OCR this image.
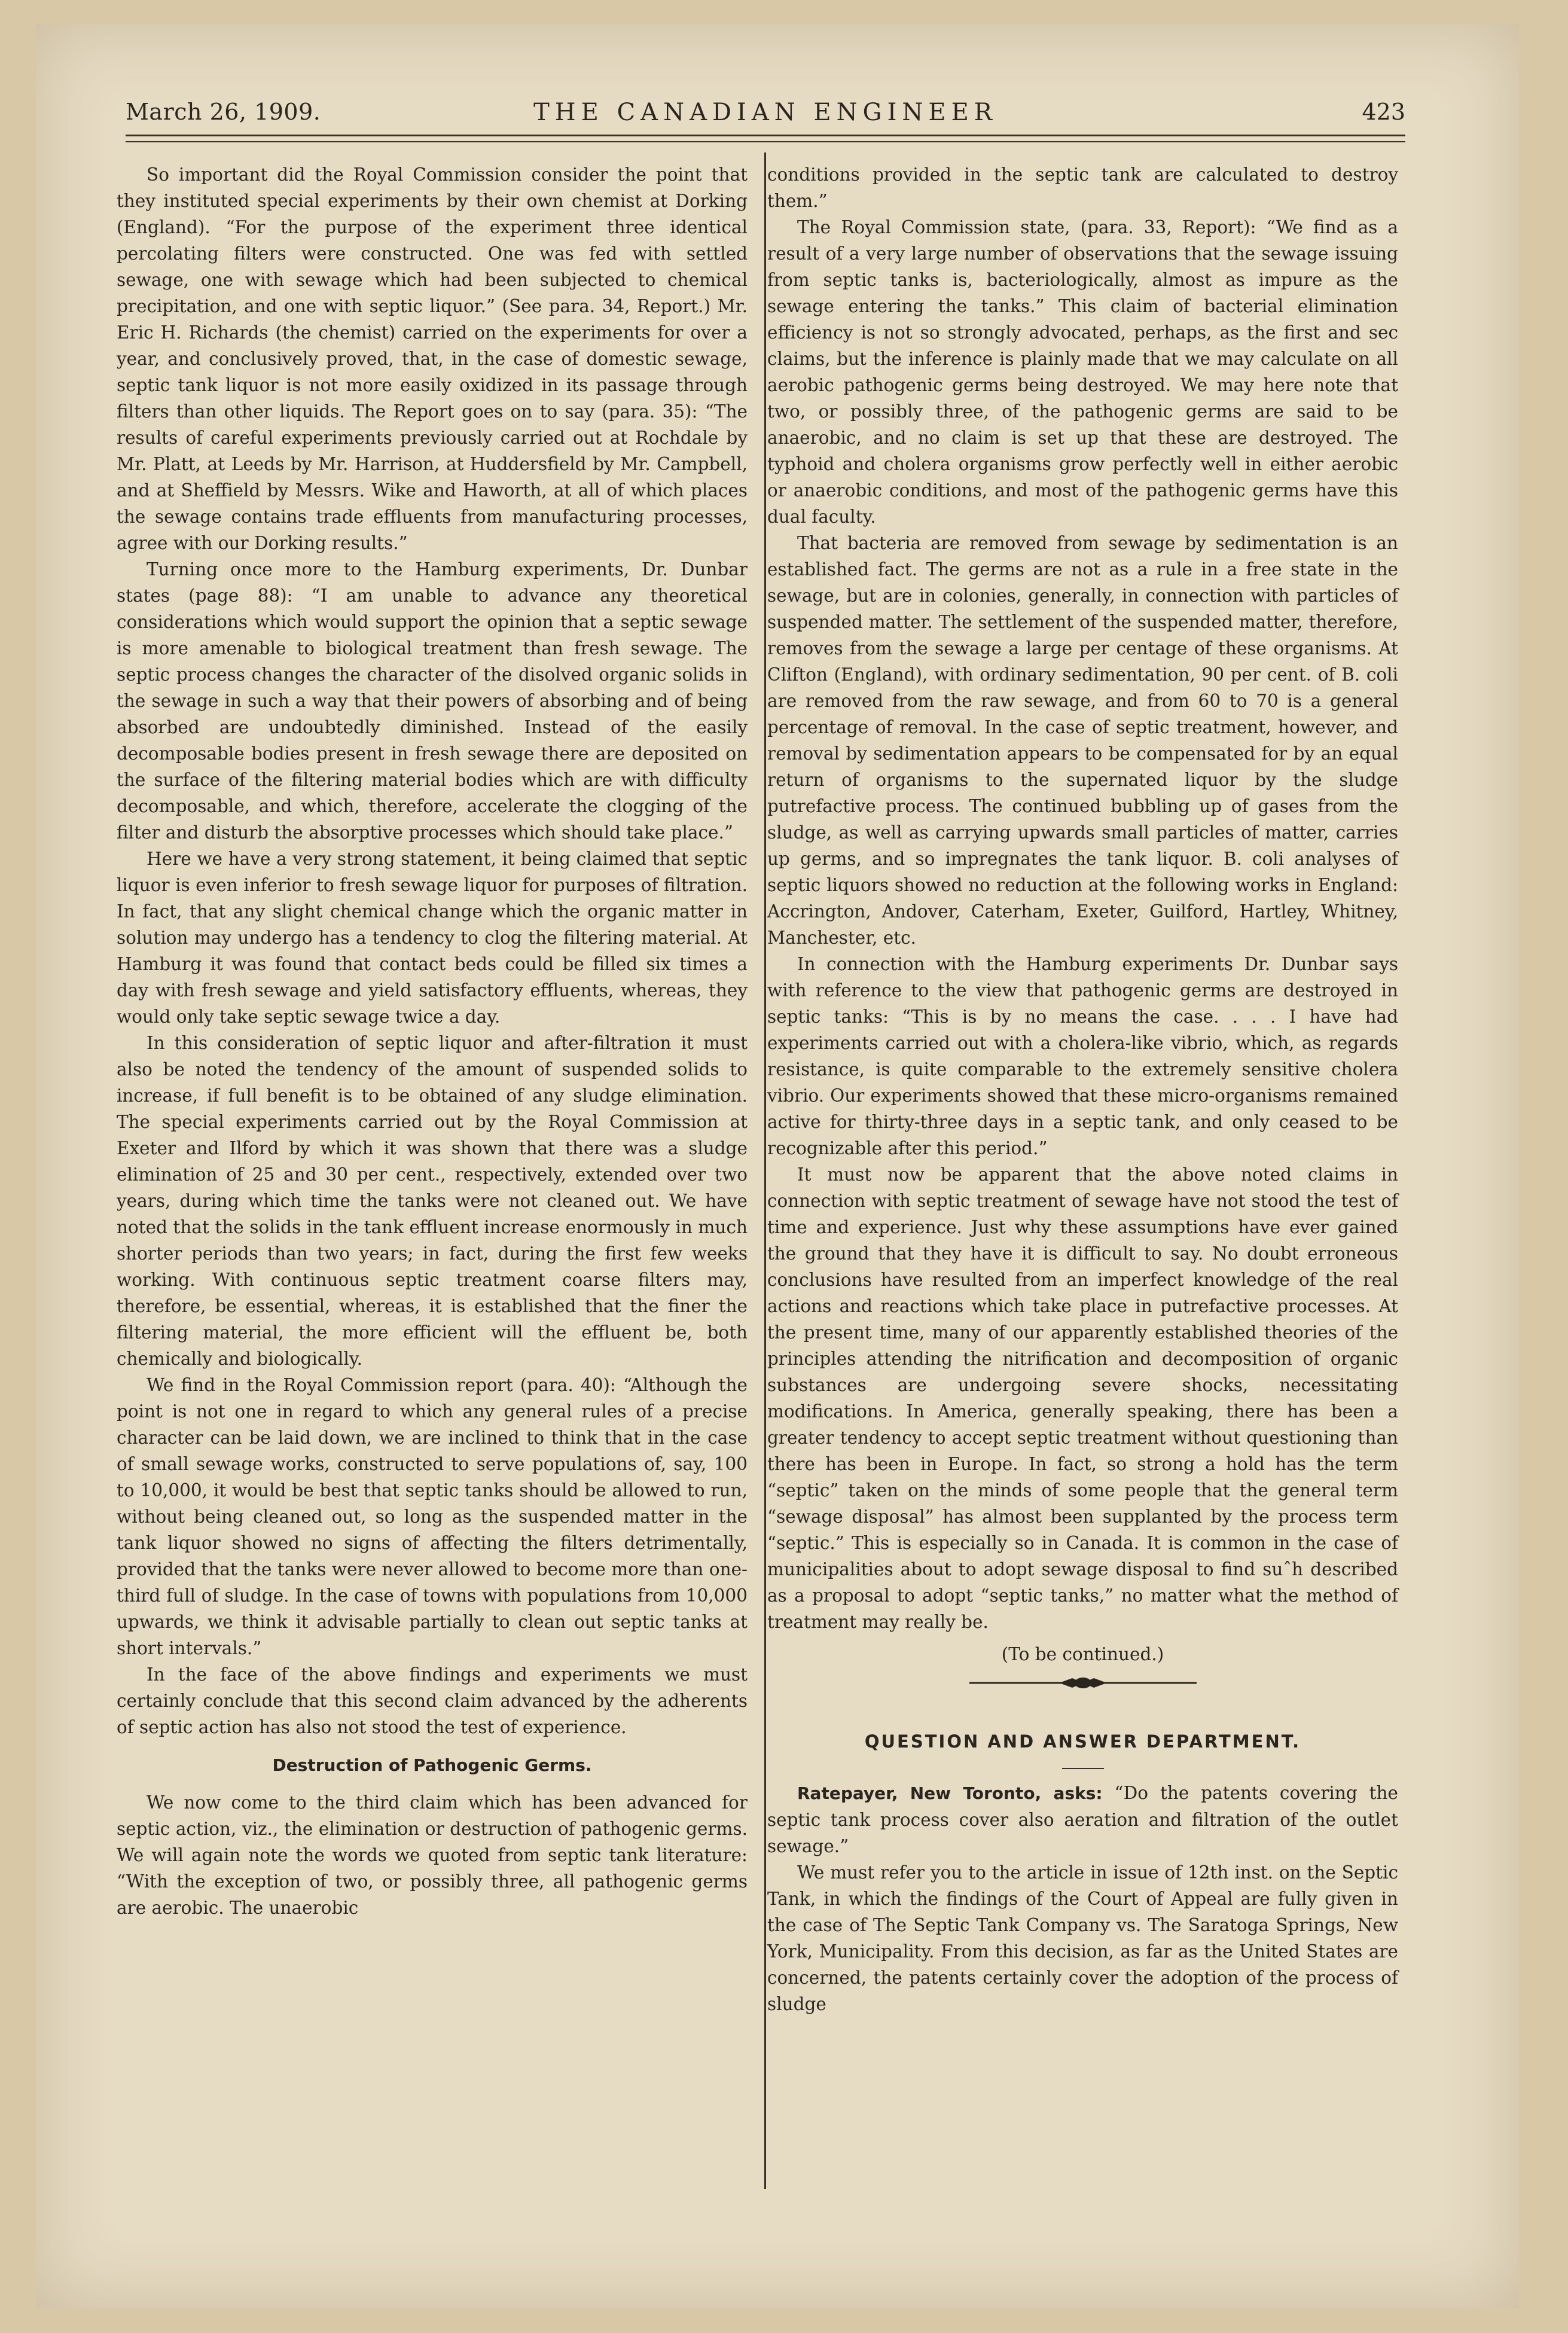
March 26, 1909.	THE CANADIAN ENGINEER	423

So important did the Royal Commission consider the point that they instituted special experiments by their own chemist at Dorking (England). “For the purpose of the experiment three identical percolating filters were constructed. One was fed with settled sewage, one with sewage which had been subjected to chemical precipitation, and one with septic liquor.” (See para. 34, Report.) Mr. Eric H. Richards (the chemist) carried on the experiments for over a year, and conclusively proved, that, in the case of domestic sewage, septic tank liquor is not more easily oxidized in its passage through filters than other liquids. The Report goes on to say (para. 35): “The results of careful experiments previously carried out at Rochdale by Mr. Platt, at Leeds by Mr. Harrison, at Huddersfield by Mr. Campbell, and at Sheffield by Messrs. Wike and Haworth, at all of which places the sewage contains trade effluents from manufacturing processes, agree with our Dorking results.”

Turning once more to the Hamburg experiments, Dr. Dunbar states (page 88): “I am unable to advance any theoretical considerations which would support the opinion that a septic sewage is more amenable to biological treatment than fresh sewage. The septic process changes the character of the disolved organic solids in the sewage in such a way that their powers of absorbing and of being absorbed are undoubtedly diminished. Instead of the easily decomposable bodies present in fresh sewage there are deposited on the surface of the filtering material bodies which are with difficulty decomposable, and which, therefore, accelerate the clogging of the filter and disturb the absorptive processes which should take place.”

Here we have a very strong statement, it being claimed that septic liquor is even inferior to fresh sewage liquor for purposes of filtration. In fact, that any slight chemical change which the organic matter in solution may undergo has a tendency to clog the filtering material. At Hamburg it was found that contact beds could be filled six times a day with fresh sewage and yield satisfactory effluents, whereas, they would only take septic sewage twice a day.

In this consideration of septic liquor and after-filtration it must also be noted the tendency of the amount of suspended solids to increase, if full benefit is to be obtained of any sludge elimination. The special experiments carried out by the Royal Commission at Exeter and Ilford by which it was shown that there was a sludge elimination of 25 and 30 per cent., respectively, extended over two years, during which time the tanks were not cleaned out. We have noted that the solids in the tank effluent increase enormously in much shorter periods than two years; in fact, during the first few weeks working. With continuous septic treatment coarse filters may, therefore, be essential, whereas, it is established that the finer the filtering material, the more efficient will the effluent be, both chemically and biologically.

We find in the Royal Commission report (para. 40): “Although the point is not one in regard to which any general rules of a precise character can be laid down, we are inclined to think that in the case of small sewage works, constructed to serve populations of, say, 100 to 10,000, it would be best that septic tanks should be allowed to run, without being cleaned out, so long as the suspended matter in the tank liquor showed no signs of affecting the filters detrimentally, provided that the tanks were never allowed to become more than one-third full of sludge. In the case of towns with populations from 10,000 upwards, we think it advisable partially to clean out septic tanks at short intervals.”

In the face of the above findings and experiments we must certainly conclude that this second claim advanced by the adherents of septic action has also not stood the test of experience.

Destruction of Pathogenic Germs.

We now come to the third claim which has been advanced for septic action, viz., the elimination or destruction of pathogenic germs. We will again note the words we quoted from septic tank literature: “With the exception of two, or possibly three, all pathogenic germs are aerobic. The unaerobic

conditions provided in the septic tank are calculated to destroy them.”

The Royal Commission state, (para. 33, Report): “We find as a result of a very large number of observations that the sewage issuing from septic tanks is, bacteriologically, almost as impure as the sewage entering the tanks.” This claim of bacterial elimination efficiency is not so strongly advocated, perhaps, as the first and sec claims, but the inference is plainly made that we may calculate on all aerobic pathogenic germs being destroyed. We may here note that two, or possibly three, of the pathogenic germs are said to be anaerobic, and no claim is set up that these are destroyed. The typhoid and cholera organisms grow perfectly well in either aerobic or anaerobic conditions, and most of the pathogenic germs have this dual faculty.

That bacteria are removed from sewage by sedimentation is an established fact. The germs are not as a rule in a free state in the sewage, but are in colonies, generally, in connection with particles of suspended matter. The settlement of the suspended matter, therefore, removes from the sewage a large per centage of these organisms. At Clifton (England), with ordinary sedimentation, 90 per cent. of B. coli are removed from the raw sewage, and from 60 to 70 is a general percentage of removal. In the case of septic treatment, however, and removal by sedimentation appears to be compensated for by an equal return of organisms to the supernated liquor by the sludge putrefactive process. The continued bubbling up of gases from the sludge, as well as carrying upwards small particles of matter, carries up germs, and so impregnates the tank liquor. B. coli analyses of septic liquors showed no reduction at the following works in England: Accrington, Andover, Caterham, Exeter, Guilford, Hartley, Whitney, Manchester, etc.

In connection with the Hamburg experiments Dr. Dunbar says with reference to the view that pathogenic germs are destroyed in septic tanks: “This is by no means the case. . . . I have had experiments carried out with a cholera-like vibrio, which, as regards resistance, is quite comparable to the extremely sensitive cholera vibrio. Our experiments showed that these micro-organisms remained active for thirty-three days in a septic tank, and only ceased to be recognizable after this period.”

It must now be apparent that the above noted claims in connection with septic treatment of sewage have not stood the test of time and experience. Just why these assumptions have ever gained the ground that they have it is difficult to say. No doubt erroneous conclusions have resulted from an imperfect knowledge of the real actions and reactions which take place in putrefactive processes. At the present time, many of our apparently established theories of the principles attending the nitrification and decomposition of organic substances are undergoing severe shocks, necessitating modifications. In America, generally speaking, there has been a greater tendency to accept septic treatment without questioning than there has been in Europe. In fact, so strong a hold has the term “septic” taken on the minds of some people that the general term “sewage disposal” has almost been supplanted by the process term “septic.” This is especially so in Canada. It is common in the case of municipalities about to adopt sewage disposal to find suˆh described as a proposal to adopt “septic tanks,” no matter what the method of treatment may really be.

(To be continued.)
QUESTION AND ANSWER DEPARTMENT.

Ratepayer, New Toronto, asks: “Do the patents covering the septic tank process cover also aeration and filtration of the outlet sewage.”

We must refer you to the article in issue of 12th inst. on the Septic Tank, in which the findings of the Court of Appeal are fully given in the case of The Septic Tank Company vs. The Saratoga Springs, New York, Municipality. From this decision, as far as the United States are concerned, the patents certainly cover the adoption of the process of sludge
